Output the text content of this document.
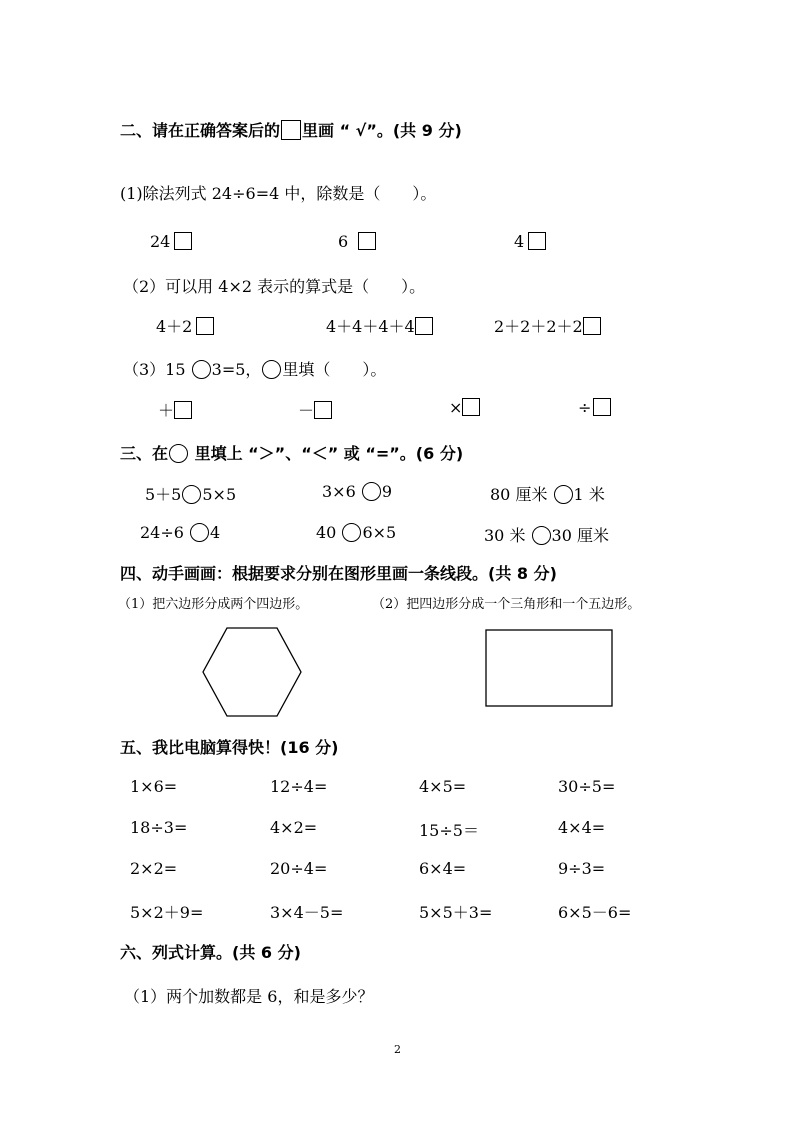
二、请在正确答案后的 里画 “ √”。(共 9 分)
(1)除法列式 24÷6=4 中，除数是（　　）。
24	6	4
（2）可以用 4×2 表示的算式是（　　）。
4＋2	4＋4＋4＋4	2＋2＋2＋2
（3）15 3=5， 里填（　　）。
＋	－	×	÷
三、在 里填上 “＞”、“＜” 或 “=”。(6 分)
5＋5 5×5	3×6 9	80 厘米 1 米
24÷6 4	40 6×5	30 米 30 厘米
四、动手画画：根据要求分别在图形里画一条线段。(共 8 分)
（1）把六边形分成两个四边形。	（2）把四边形分成一个三角形和一个五边形。
五、我比电脑算得快！(16 分)
1×6=	12÷4=	4×5=	30÷5=
18÷3=	4×2=	15÷5＝	4×4=
2×2=	20÷4=	6×4=	9÷3=
5×2＋9=	3×4－5=	5×5＋3=	6×5－6=
六、列式计算。(共 6 分)
（1）两个加数都是 6，和是多少？
2
